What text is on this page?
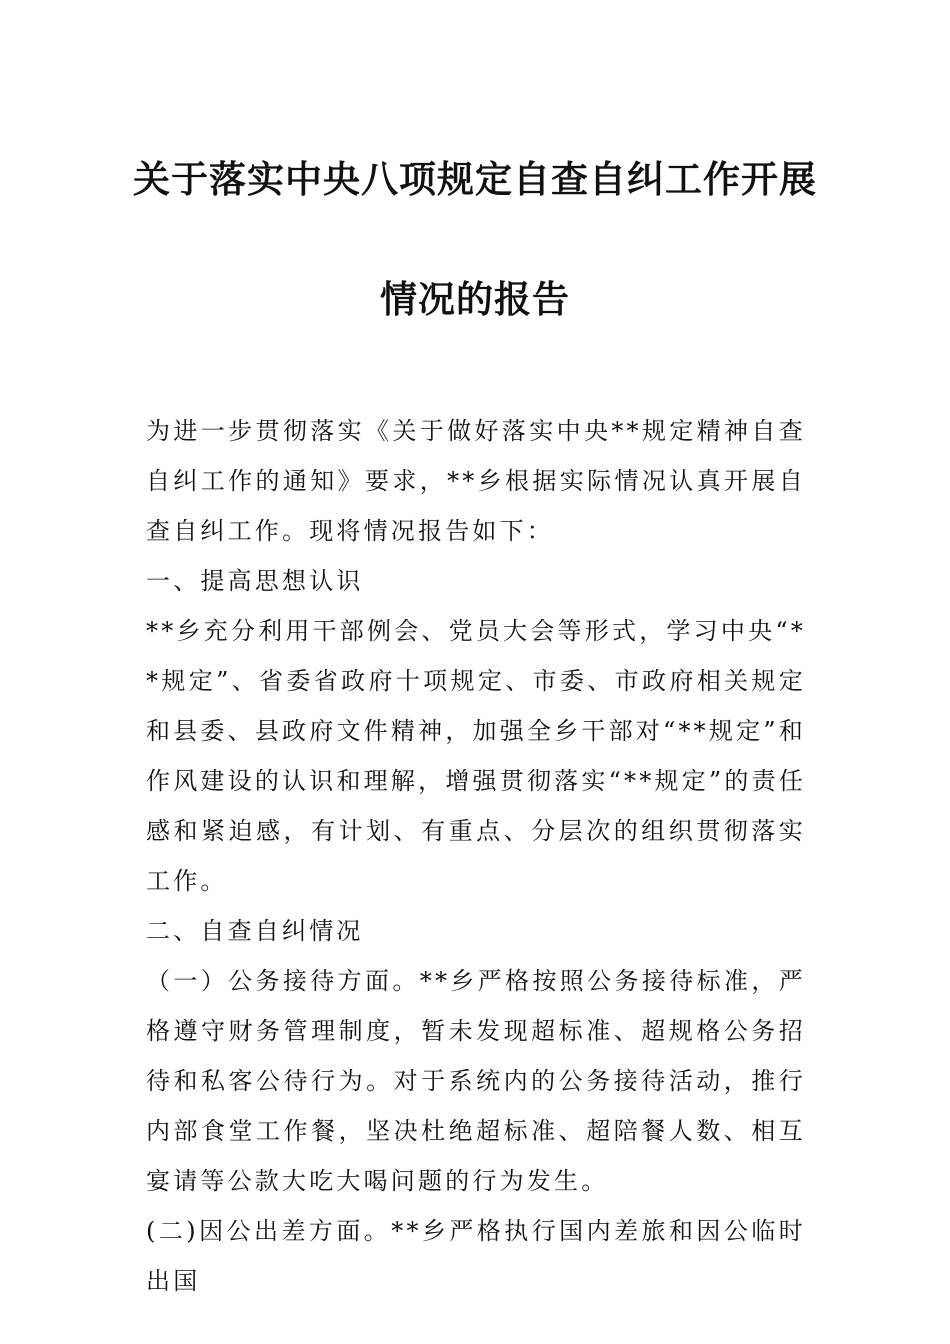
关于落实中央八项规定自查自纠工作开展
情况的报告

为进一步贯彻落实《关于做好落实中央**规定精神自查自纠工作的通知》要求，**乡根据实际情况认真开展自查自纠工作。现将情况报告如下：

一、提高思想认识

**乡充分利用干部例会、党员大会等形式，学习中央“**规定”、省委省政府十项规定、市委、市政府相关规定和县委、县政府文件精神，加强全乡干部对“**规定”和作风建设的认识和理解，增强贯彻落实“**规定”的责任感和紧迫感，有计划、有重点、分层次的组织贯彻落实工作。

二、自查自纠情况

（一）公务接待方面。**乡严格按照公务接待标准，严格遵守财务管理制度，暂未发现超标准、超规格公务招待和私客公待行为。对于系统内的公务接待活动，推行内部食堂工作餐，坚决杜绝超标准、超陪餐人数、相互宴请等公款大吃大喝问题的行为发生。

(二)因公出差方面。**乡严格执行国内差旅和因公临时出国
